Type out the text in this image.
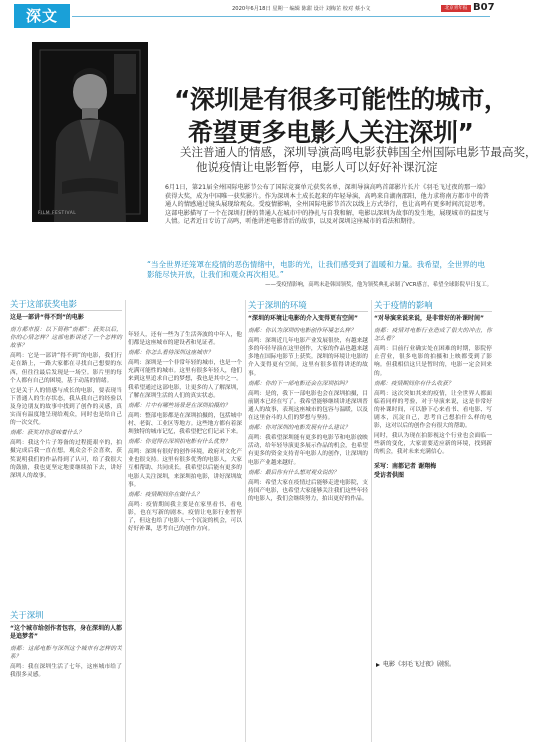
深文	2020年6月18日 星期一 编辑 陈甜 设计 刘梅芷 校对 蔡小文	北京青年报 B07
FILM FESTIVAL
“深圳是有很多可能性的城市，
希望更多电影人关注深圳”
关注普通人的情感，深圳导演高鸣电影获韩国全州国际电影节最高奖，
他说疫情让电影暂停，电影人可以好好补课沉淀
6月1日，第21届全州国际电影节公布了国际竞赛单元获奖名单，深圳导演高鸣首部影片长片《羽毛飞过夜的那一端》获得大奖，成为中国唯一获奖影片。作为深圳本土成长起来的年轻导演，高鸣来自湖南邵阳，他力求将南方都市中的普通人的情感通过镜头展现给观众。受疫情影响，全州国际电影节首次以线上方式举行，也让高鸣有更多时间沉淀思考。这部电影描写了一个在深圳打拼的普通人在城市中的挣扎与自我和解，电影以深圳为故事的发生地，展现城市的温度与人情。记者近日专访了高鸣，听他讲述电影背后的故事，以及对深圳这座城市的看法和期待。
“当全世界还笼罩在疫情的恶伤情绪中，电影的光，让我们感受到了温暖和力量。我希望，全世界的电影能尽快开放，让我们和观众再次相见。”
——受疫情影响，高鸣未赴韩国领奖，他为领奖典礼录制了VCR感言，希望全球影院早日复工。
关于这部获奖电影
这是一部讲“得不到”的电影

南方都市报：以下简称“南都”：获奖以后，你的心情怎样？这部电影讲述了一个怎样的故事？

高鸣：它是一部讲“得不到”的电影，我们行走在路上，一路大家都在寻找自己想要的东西，但往往最后发现是一场空。影片里的每个人都有自己的困境，基于动荡的情绪。

它是关于人的情感与成长的电影，要表现当下普通人的生存状态，我从我自己的经验以及身边朋友的故事中找到了创作的灵感，真实而有温度地呈现给观众，同时也是给自己的一次交代。

南都：获奖对你意味着什么？

高鸣：我这个片子筹备的过程挺艰辛的，拍摄完成后我一直在想，观众会不会喜欢，获奖说明我们的作品得到了认可，给了我很大的鼓励，我也更坚定地要继续拍下去，讲好深圳人的故事。

关于深圳
“这个城市给创作者包容，身在深圳的人都是追梦者”

南都：这部电影与深圳这个城市有怎样的关系？

高鸣：我在深圳生活了七年，这座城市给了我很多灵感。

年轻人，还有一些为了生活奔波的中年人，他们都是这座城市的建设者和见证者。

南都：你怎么看待深圳这座城市？

高鸣：深圳是一个非常年轻的城市，也是一个充满可能性的城市。这里有很多年轻人，他们来到这里追求自己的梦想，我也是其中之一。我希望通过这部电影，让更多的人了解深圳，了解在深圳生活的人们的真实状态。

南都：片中有哪些场景是在深圳拍摄的？

高鸣：整部电影都是在深圳拍摄的，包括城中村、老街、工业区等地方。这些地方都有着深圳独特的城市记忆，我希望把它们记录下来。

南都：你觉得在深圳拍电影有什么优势？

高鸣：深圳有很好的创作环境，政府对文化产业也很支持。这里有很多优秀的电影人，大家互相帮助、共同成长。我希望以后能有更多的电影人关注深圳，来深圳拍电影，讲好深圳故事。

南都：疫情期间你在做什么？

高鸣：疫情期间我主要是在家里看书、看电影，也在写新的剧本。疫情让电影行业暂停了，但这也给了电影人一个沉淀的机会，可以好好补课，思考自己的创作方向。

关于深圳的环境
“深圳的环境让电影的介入变得更有空间”

南都：你认为深圳的电影创作环境怎么样？

高鸣：深圳近几年电影产业发展很快，有越来越多的年轻导演在这里创作，大家的作品也越来越多地在国际电影节上获奖。深圳的环境让电影的介入变得更有空间，这里有很多值得讲述的故事。

南都：你的下一部电影还会在深圳拍吗？

高鸣：是的，我下一部电影也会在深圳拍摄，目前剧本已经在写了。我希望能够继续讲述深圳普通人的故事，表现这座城市的包容与温暖，以及在这里奋斗的人们的梦想与坚持。

南都：你对深圳的电影发展有什么建议？

高鸣：我希望深圳能有更多的电影节和电影放映活动，给年轻导演更多展示作品的机会，也希望有更多的资金支持青年电影人的创作，让深圳的电影产业越来越好。

南都：最后你有什么想对观众说的？

高鸣：希望大家在疫情过后能够走进电影院，支持国产电影，也希望大家能够关注我们这些年轻的电影人，我们会继续努力，拍出更好的作品。

关于疫情的影响
“对导演来说来说，是非常好的补课时间”

南都：疫情对电影行业造成了很大的冲击，你怎么看？

高鸣：目前行业确实处在困难的时期，影院停止营业，很多电影的拍摄和上映都受到了影响。但我相信这只是暂时的，电影一定会回来的。

南都：疫情期间你有什么收获？

高鸣：这次突如其来的疫情，让全世界人都面临着同样的考验，对于导演来说，这是非常好的补课时间，可以静下心来看书、看电影、写剧本，沉淀自己，思考自己想拍什么样的电影，这对以后的创作会有很大的帮助。

同时，我认为现在拍影视这个行业也会面临一些新的变化，大家需要适应新的环境，找到新的机会，我对未来充满信心。

采写：南都记者 谢翔梅
受访者供图
电影《羽毛飞过夜》剧照。
